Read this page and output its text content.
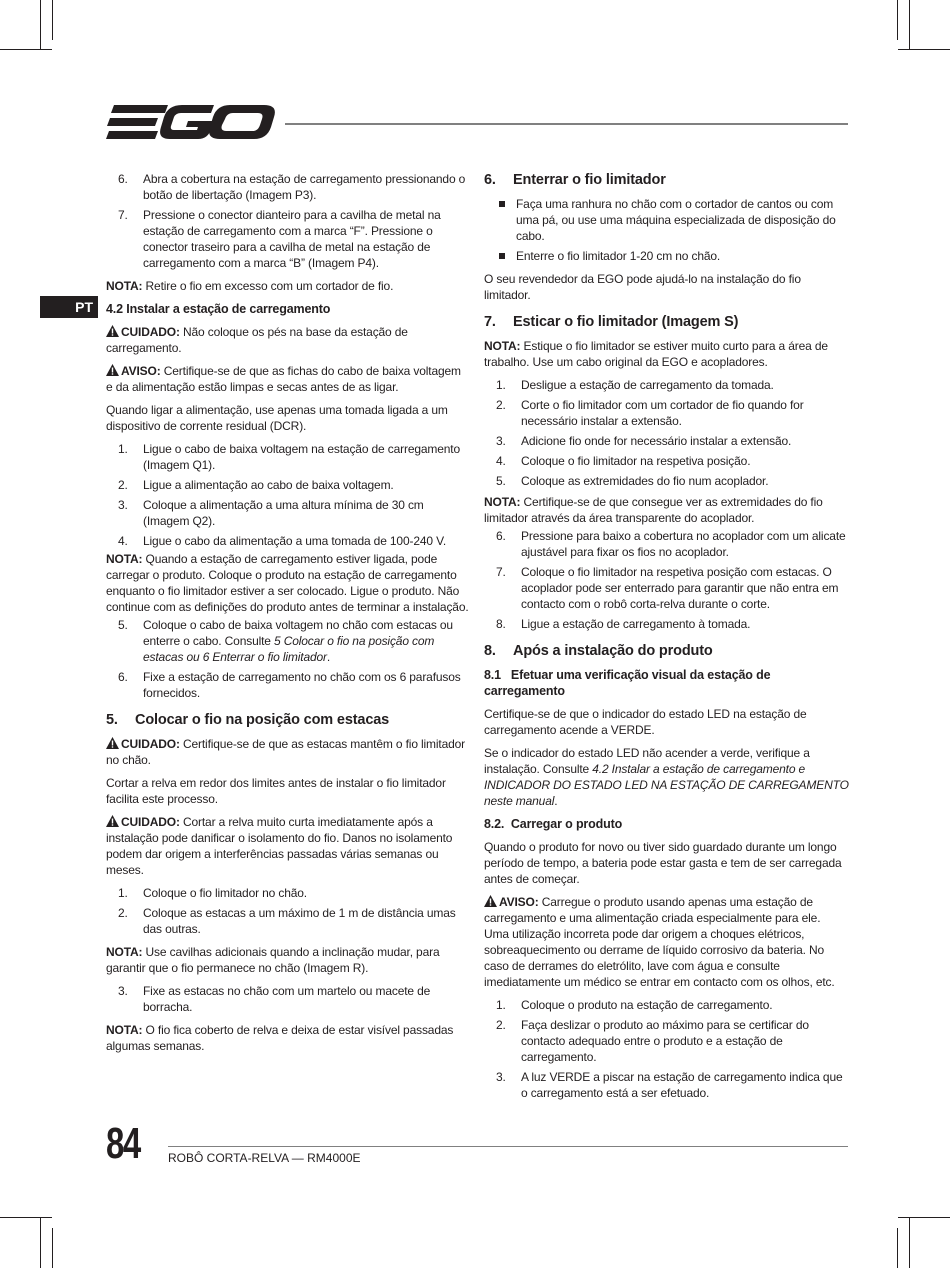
PT
6. Abra a cobertura na estação de carregamento pressionando o botão de libertação (Imagem P3).
7. Pressione o conector dianteiro para a cavilha de metal na estação de carregamento com a marca “F”. Pressione o conector traseiro para a cavilha de metal na estação de carregamento com a marca “B” (Imagem P4).

NOTA: Retire o fio em excesso com um cortador de fio.

4.2 Instalar a estação de carregamento

CUIDADO: Não coloque os pés na base da estação de carregamento.

AVISO: Certifique-se de que as fichas do cabo de baixa voltagem e da alimentação estão limpas e secas antes de as ligar.

Quando ligar a alimentação, use apenas uma tomada ligada a um dispositivo de corrente residual (DCR).

1. Ligue o cabo de baixa voltagem na estação de carregamento (Imagem Q1).
2. Ligue a alimentação ao cabo de baixa voltagem.
3. Coloque a alimentação a uma altura mínima de 30 cm (Imagem Q2).
4. Ligue o cabo da alimentação a uma tomada de 100-240 V.

NOTA: Quando a estação de carregamento estiver ligada, pode carregar o produto. Coloque o produto na estação de carregamento enquanto o fio limitador estiver a ser colocado. Ligue o produto. Não continue com as definições do produto antes de terminar a instalação.

5. Coloque o cabo de baixa voltagem no chão com estacas ou enterre o cabo. Consulte 5 Colocar o fio na posição com estacas ou 6 Enterrar o fio limitador.
6. Fixe a estação de carregamento no chão com os 6 parafusos fornecidos.
5.	Colocar o fio na posição com estacas

CUIDADO: Certifique-se de que as estacas mantêm o fio limitador no chão.

Cortar a relva em redor dos limites antes de instalar o fio limitador facilita este processo.

CUIDADO: Cortar a relva muito curta imediatamente após a instalação pode danificar o isolamento do fio. Danos no isolamento podem dar origem a interferências passadas várias semanas ou meses.

1. Coloque o fio limitador no chão.
2. Coloque as estacas a um máximo de 1 m de distância umas das outras.

NOTA: Use cavilhas adicionais quando a inclinação mudar, para garantir que o fio permanece no chão (Imagem R).

3. Fixe as estacas no chão com um martelo ou macete de borracha.

NOTA: O fio fica coberto de relva e deixa de estar visível passadas algumas semanas.

6.	Enterrar o fio limitador
Faça uma ranhura no chão com o cortador de cantos ou com uma pá, ou use uma máquina especializada de disposição do cabo.
Enterre o fio limitador 1-20 cm no chão.

O seu revendedor da EGO pode ajudá-lo na instalação do fio limitador.

7.	Esticar o fio limitador (Imagem S)

NOTA: Estique o fio limitador se estiver muito curto para a área de trabalho. Use um cabo original da EGO e acopladores.

1. Desligue a estação de carregamento da tomada.
2. Corte o fio limitador com um cortador de fio quando for necessário instalar a extensão.
3. Adicione fio onde for necessário instalar a extensão.
4. Coloque o fio limitador na respetiva posição.
5. Coloque as extremidades do fio num acoplador.

NOTA: Certifique-se de que consegue ver as extremidades do fio limitador através da área transparente do acoplador.

6. Pressione para baixo a cobertura no acoplador com um alicate ajustável para fixar os fios no acoplador.
7. Coloque o fio limitador na respetiva posição com estacas. O acoplador pode ser enterrado para garantir que não entra em contacto com o robô corta-relva durante o corte.
8. Ligue a estação de carregamento à tomada.
8.	Após a instalação do produto
8.1   Efetuar uma verificação visual da estação de carregamento

Certifique-se de que o indicador do estado LED na estação de carregamento acende a VERDE.

Se o indicador do estado LED não acender a verde, verifique a instalação. Consulte 4.2 Instalar a estação de carregamento e INDICADOR DO ESTADO LED NA ESTAÇÃO DE CARREGAMENTO neste manual.

8.2.  Carregar o produto

Quando o produto for novo ou tiver sido guardado durante um longo período de tempo, a bateria pode estar gasta e tem de ser carregada antes de começar.

AVISO: Carregue o produto usando apenas uma estação de carregamento e uma alimentação criada especialmente para ele.
Uma utilização incorreta pode dar origem a choques elétricos, sobreaquecimento ou derrame de líquido corrosivo da bateria. No caso de derrames do eletrólito, lave com água e consulte imediatamente um médico se entrar em contacto com os olhos, etc.

1. Coloque o produto na estação de carregamento.
2. Faça deslizar o produto ao máximo para se certificar do contacto adequado entre o produto e a estação de carregamento.
3. A luz VERDE a piscar na estação de carregamento indica que o carregamento está a ser efetuado.
84 ROBÔ CORTA-RELVA — RM4000E
